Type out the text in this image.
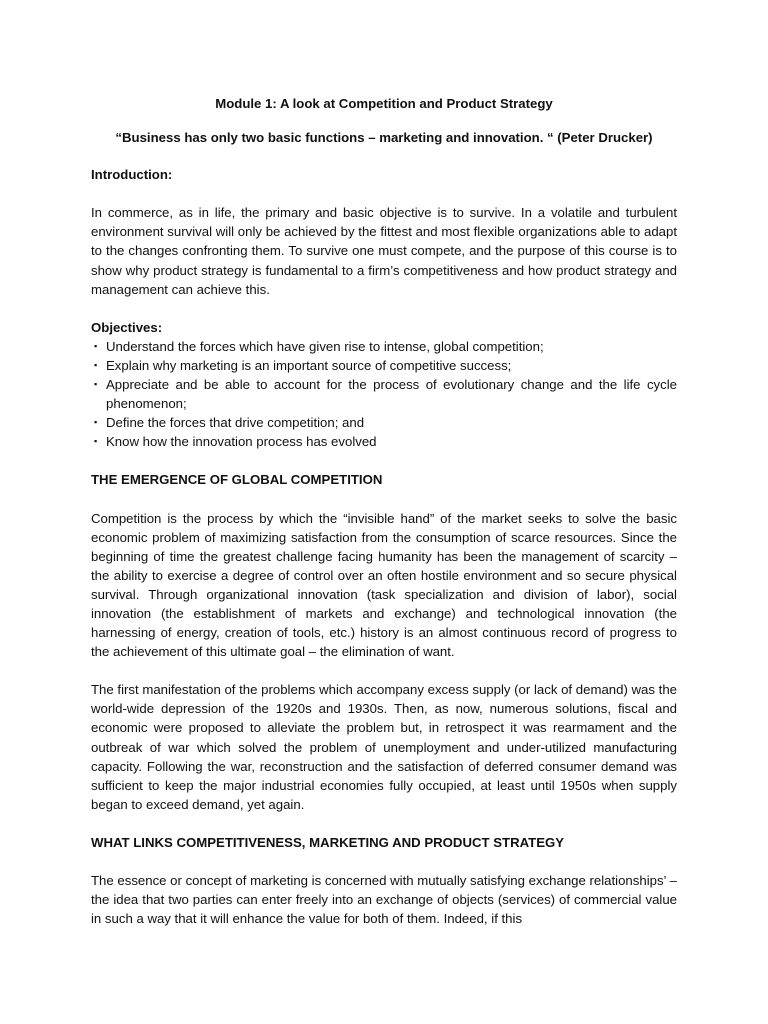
Module 1: A look at Competition and Product Strategy
“Business has only two basic functions – marketing and innovation. “ (Peter Drucker)
Introduction:

In commerce, as in life, the primary and basic objective is to survive. In a volatile and turbulent environment survival will only be achieved by the fittest and most flexible organizations able to adapt to the changes confronting them. To survive one must compete, and the purpose of this course is to show why product strategy is fundamental to a firm’s competitiveness and how product strategy and management can achieve this.

Objectives:
▪ Understand the forces which have given rise to intense, global competition;
▪ Explain why marketing is an important source of competitive success;
▪ Appreciate and be able to account for the process of evolutionary change and the life cycle phenomenon;
▪ Define the forces that drive competition; and
▪ Know how the innovation process has evolved
THE EMERGENCE OF GLOBAL COMPETITION

Competition is the process by which the “invisible hand” of the market seeks to solve the basic economic problem of maximizing satisfaction from the consumption of scarce resources. Since the beginning of time the greatest challenge facing humanity has been the management of scarcity – the ability to exercise a degree of control over an often hostile environment and so secure physical survival. Through organizational innovation (task specialization and division of labor), social innovation (the establishment of markets and exchange) and technological innovation (the harnessing of energy, creation of tools, etc.) history is an almost continuous record of progress to the achievement of this ultimate goal – the elimination of want.

The first manifestation of the problems which accompany excess supply (or lack of demand) was the world-wide depression of the 1920s and 1930s. Then, as now, numerous solutions, fiscal and economic were proposed to alleviate the problem but, in retrospect it was rearmament and the outbreak of war which solved the problem of unemployment and under-utilized manufacturing capacity. Following the war, reconstruction and the satisfaction of deferred consumer demand was sufficient to keep the major industrial economies fully occupied, at least until 1950s when supply began to exceed demand, yet again.

WHAT LINKS COMPETITIVENESS, MARKETING AND PRODUCT STRATEGY

The essence or concept of marketing is concerned with mutually satisfying exchange relationships’ – the idea that two parties can enter freely into an exchange of objects (services) of commercial value in such a way that it will enhance the value for both of them. Indeed, if this
